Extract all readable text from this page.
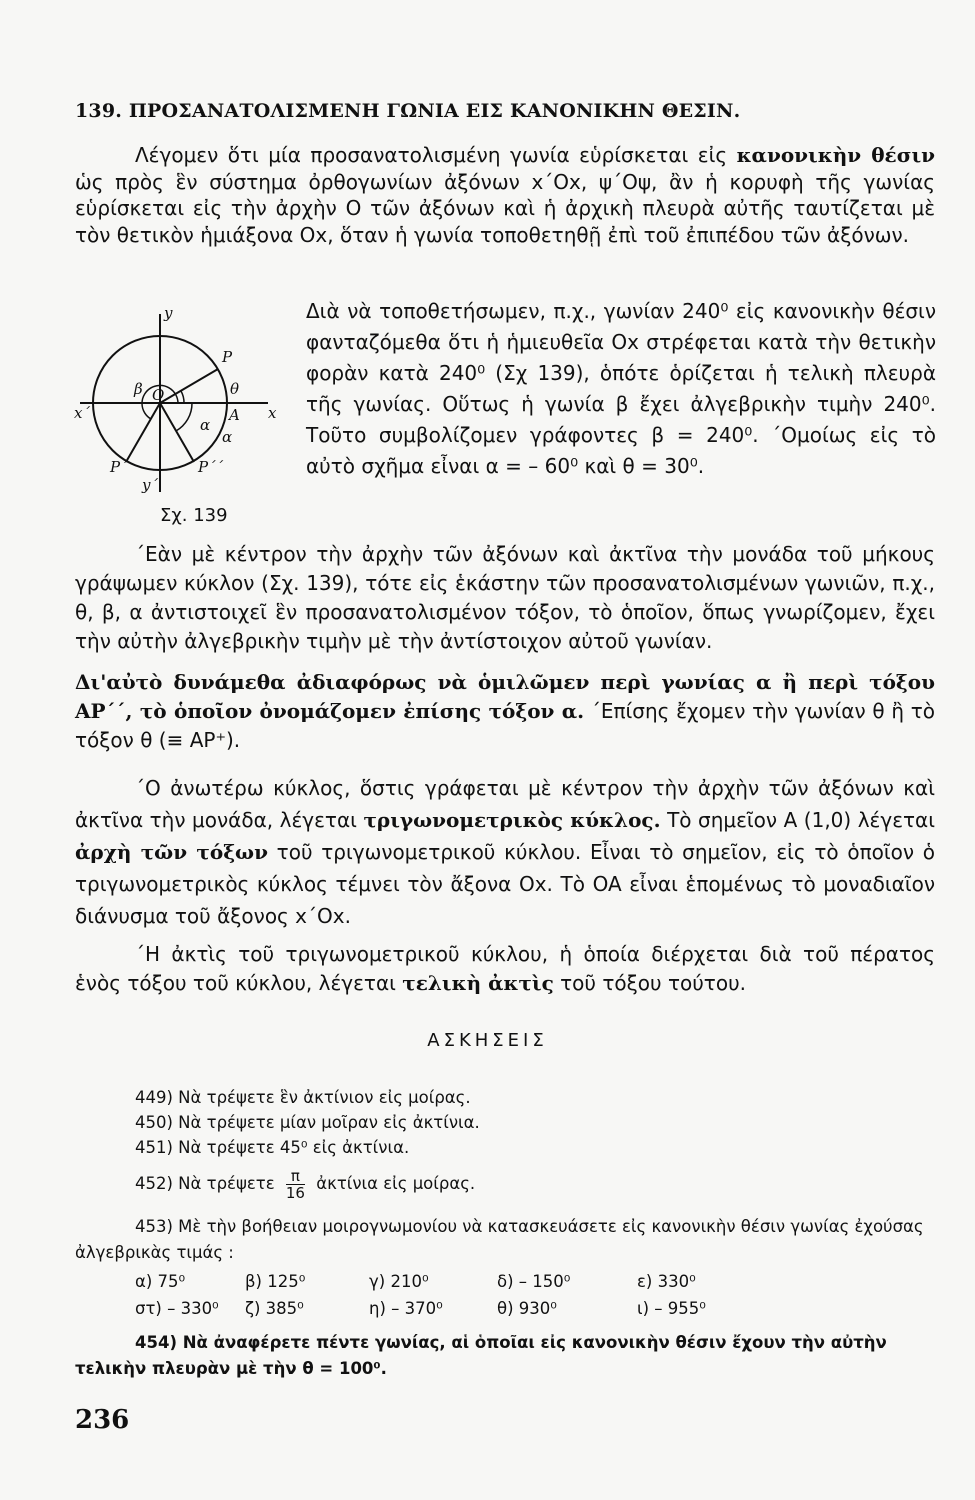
139. ΠΡΟΣΑΝΑΤΟΛΙΣΜΕΝΗ ΓΩΝΙΑ ΕΙΣ ΚΑΝΟΝΙΚΗΝ ΘΕΣΙΝ.
Λέγομεν ὅτι μία προσανατολισμένη γωνία εὑρίσκεται εἰς κανονικὴν θέσιν ὡς πρὸς ἓν σύστημα ὀρθογωνίων ἀξόνων x΄Ox, ψ΄Oψ, ἂν ἡ κορυφὴ τῆς γωνίας εὑρίσκεται εἰς τὴν ἀρχὴν O τῶν ἀξόνων καὶ ἡ ἀρχικὴ πλευρὰ αὐτῆς ταυτίζεται μὲ τὸν θετικὸν ἡμιάξονα Ox, ὅταν ἡ γωνία τοποθετηθῇ ἐπὶ τοῦ ἐπιπέδου τῶν ἀξόνων.
y
y΄
x
x΄
P
P΄	P΄΄
A
O	θ
β
α
α
Σχ. 139
Διὰ νὰ τοποθετήσωμεν, π.χ., γωνίαν 240⁰ εἰς κανονικὴν θέσιν φανταζόμεθα ὅτι ἡ ἡμιευθεῖα Ox στρέφεται κατὰ τὴν θετικὴν φορὰν κατὰ 240⁰ (Σχ 139), ὁπότε ὁρίζεται ἡ τελικὴ πλευρὰ τῆς γωνίας. Οὕτως ἡ γωνία β ἔχει ἀλγεβρικὴν τιμὴν 240⁰. Τοῦτο συμβολίζομεν γράφοντες β = 240⁰. ΄Ομοίως εἰς τὸ αὐτὸ σχῆμα εἶναι α = – 60⁰ καὶ θ = 30⁰.
΄Εὰν μὲ κέντρον τὴν ἀρχὴν τῶν ἀξόνων καὶ ἀκτῖνα τὴν μονάδα τοῦ μήκους γράψωμεν κύκλον (Σχ. 139), τότε εἰς ἑκάστην τῶν προσανατολισμένων γωνιῶν, π.χ., θ, β, α ἀντιστοιχεῖ ἓν προσανατολισμένον τόξον, τὸ ὁποῖον, ὅπως γνωρίζομεν, ἔχει τὴν αὐτὴν ἀλγεβρικὴν τιμὴν μὲ τὴν ἀντίστοιχον αὐτοῦ γωνίαν.
Δι'αὐτὸ δυνάμεθα ἀδιαφόρως νὰ ὁμιλῶμεν περὶ γωνίας α ἢ περὶ τόξου AP΄΄, τὸ ὁποῖον ὀνομάζομεν ἐπίσης τόξον α. ΄Επίσης ἔχομεν τὴν γωνίαν θ ἢ τὸ τόξον θ (≡ AP⁺).
΄Ο ἀνωτέρω κύκλος, ὅστις γράφεται μὲ κέντρον τὴν ἀρχὴν τῶν ἀξόνων καὶ ἀκτῖνα τὴν μονάδα, λέγεται τριγωνομετρικὸς κύκλος. Τὸ σημεῖον A (1,0) λέγεται ἀρχὴ τῶν τόξων τοῦ τριγωνομετρικοῦ κύκλου. Εἶναι τὸ σημεῖον, εἰς τὸ ὁποῖον ὁ τριγωνομετρικὸς κύκλος τέμνει τὸν ἄξονα Ox. Τὸ OA εἶναι ἑπομένως τὸ μοναδιαῖον διάνυσμα τοῦ ἄξονος x΄Ox.
΄Η ἀκτὶς τοῦ τριγωνομετρικοῦ κύκλου, ἡ ὁποία διέρχεται διὰ τοῦ πέρατος ἑνὸς τόξου τοῦ κύκλου, λέγεται τελικὴ ἀκτὶς τοῦ τόξου τούτου.
ΑΣΚΗΣΕΙΣ
449) Νὰ τρέψετε ἓν ἀκτίνιον εἰς μοίρας.
450) Νὰ τρέψετε μίαν μοῖραν εἰς ἀκτίνια.
451) Νὰ τρέψετε 45⁰ εἰς ἀκτίνια.
452) Νὰ τρέψετε $\frac{\pi}{16}$ ἀκτίνια εἰς μοίρας.
453) Μὲ τὴν βοήθειαν μοιρογνωμονίου νὰ κατασκευάσετε εἰς κανονικὴν θέσιν γωνίας ἐχούσας ἀλγεβρικὰς τιμάς :
α) 75⁰	β) 125⁰	γ) 210⁰	δ) – 150⁰	ε) 330⁰
στ) – 330⁰ ζ) 385⁰	η) – 370⁰	θ) 930⁰	ι) – 955⁰
454) Νὰ ἀναφέρετε πέντε γωνίας, αἱ ὁποῖαι εἰς κανονικὴν θέσιν ἔχουν τὴν αὐτὴν τελικὴν πλευρὰν μὲ τὴν θ = 100⁰.
236
